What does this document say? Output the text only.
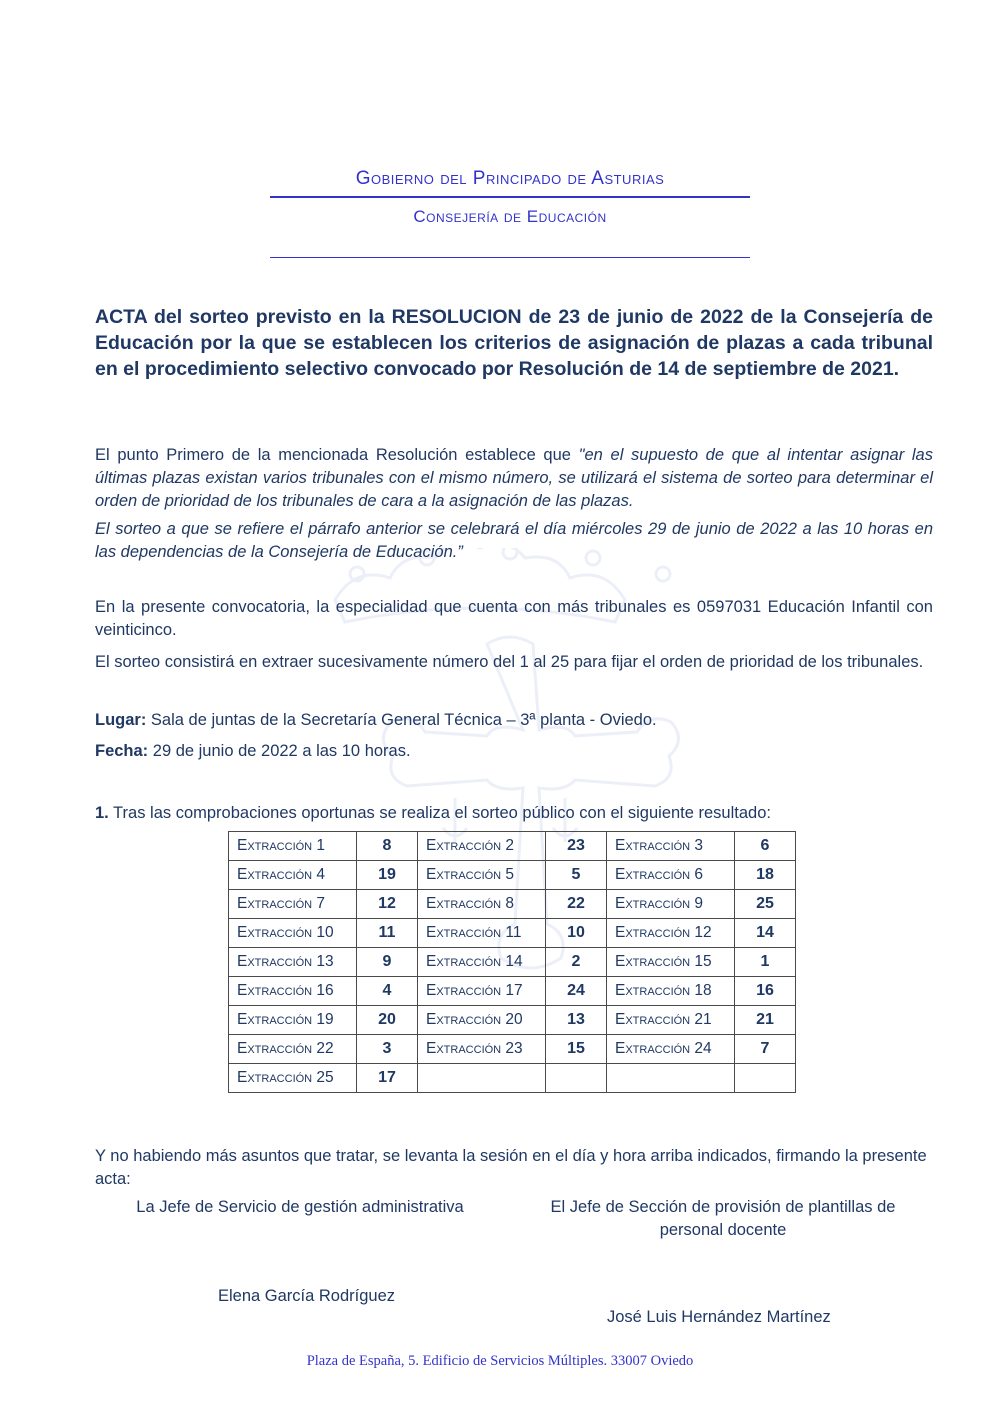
Gobierno del Principado de Asturias
Consejería de Educación
ACTA del sorteo previsto en la RESOLUCION de 23 de junio de 2022 de la Consejería de Educación por la que se establecen los criterios de asignación de plazas a cada tribunal en el procedimiento selectivo convocado por Resolución de 14 de septiembre de 2021.
El punto Primero de la mencionada Resolución establece que "en el supuesto de que al intentar asignar las últimas plazas existan varios tribunales con el mismo número, se utilizará el sistema de sorteo para determinar el orden de prioridad de los tribunales de cara a la asignación de las plazas.
El sorteo a que se refiere el párrafo anterior se celebrará el día miércoles 29 de junio de 2022 a las 10 horas en las dependencias de la Consejería de Educación.”
En la presente convocatoria, la especialidad que cuenta con más tribunales es 0597031 Educación Infantil con veinticinco.
El sorteo consistirá en extraer sucesivamente número del 1 al 25 para fijar el orden de prioridad de los tribunales.
Lugar: Sala de juntas de la Secretaría General Técnica – 3ª planta - Oviedo.
Fecha: 29 de junio de 2022 a las 10 horas.
1. Tras las comprobaciones oportunas se realiza el sorteo público con el siguiente resultado:
Extracción 1	8	Extracción 2	23	Extracción 3	6
Extracción 4	19	Extracción 5	5	Extracción 6	18
Extracción 7	12	Extracción 8	22	Extracción 9	25
Extracción 10	11	Extracción 11	10	Extracción 12	14
Extracción 13	9	Extracción 14	2	Extracción 15	1
Extracción 16	4	Extracción 17	24	Extracción 18	16
Extracción 19	20	Extracción 20	13	Extracción 21	21
Extracción 22	3	Extracción 23	15	Extracción 24	7
Extracción 25	17				
Y no habiendo más asuntos que tratar, se levanta la sesión en el día y hora arriba indicados, firmando la presente acta:
La Jefe de Servicio de gestión administrativa	El Jefe de Sección de provisión de plantillas de personal docente
Elena García Rodríguez
José Luis Hernández Martínez
Plaza de España, 5. Edificio de Servicios Múltiples. 33007 Oviedo
